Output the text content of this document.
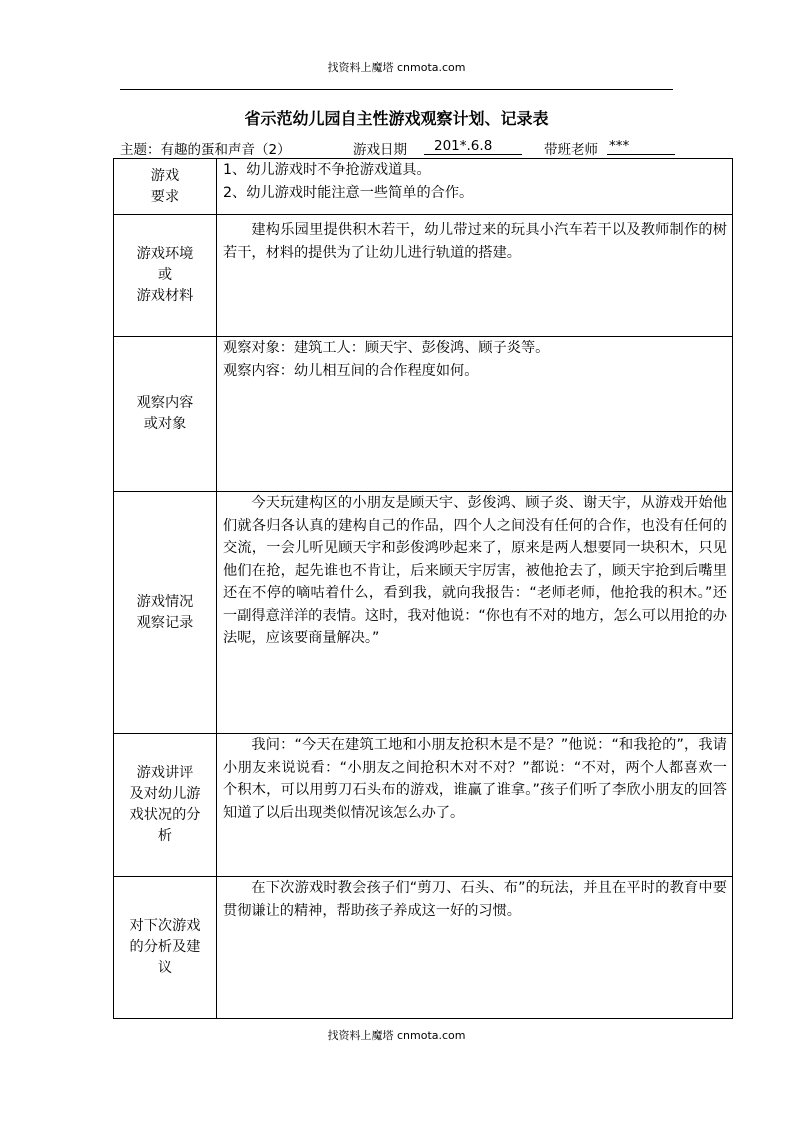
找资料上魔塔 cnmota.com
省示范幼儿园自主性游戏观察计划、记录表
主题：有趣的蛋和声音（2）	游戏日期	201*.6.8	带班老师 ***
游戏
要求	1、幼儿游戏时不争抢游戏道具。
2、幼儿游戏时能注意一些简单的合作。

游戏环境
或
游戏材料	建构乐园里提供积木若干，幼儿带过来的玩具小汽车若干以及教师制作的树若干，材料的提供为了让幼儿进行轨道的搭建。

观察内容
或对象	观察对象：建筑工人：顾天宇、彭俊鸿、顾子炎等。
观察内容：幼儿相互间的合作程度如何。

游戏情况
观察记录	今天玩建构区的小朋友是顾天宇、彭俊鸿、顾子炎、谢天宇，从游戏开始他们就各归各认真的建构自己的作品，四个人之间没有任何的合作，也没有任何的交流，一会儿听见顾天宇和彭俊鸿吵起来了，原来是两人想要同一块积木，只见他们在抢，起先谁也不肯让，后来顾天宇厉害，被他抢去了，顾天宇抢到后嘴里还在不停的嘀咕着什么，看到我，就向我报告：“老师老师，他抢我的积木。”还一副得意洋洋的表情。这时，我对他说：“你也有不对的地方，怎么可以用抢的办法呢，应该要商量解决。”

游戏讲评
及对幼儿游
戏状况的分
析	我问：“今天在建筑工地和小朋友抢积木是不是？”他说：“和我抢的”，我请小朋友来说说看：“小朋友之间抢积木对不对？”都说：“不对，两个人都喜欢一个积木，可以用剪刀石头布的游戏，谁赢了谁拿。”孩子们听了李欣小朋友的回答知道了以后出现类似情况该怎么办了。

对下次游戏
的分析及建
议	在下次游戏时教会孩子们“剪刀、石头、布”的玩法，并且在平时的教育中要贯彻谦让的精神，帮助孩子养成这一好的习惯。
找资料上魔塔 cnmota.com
